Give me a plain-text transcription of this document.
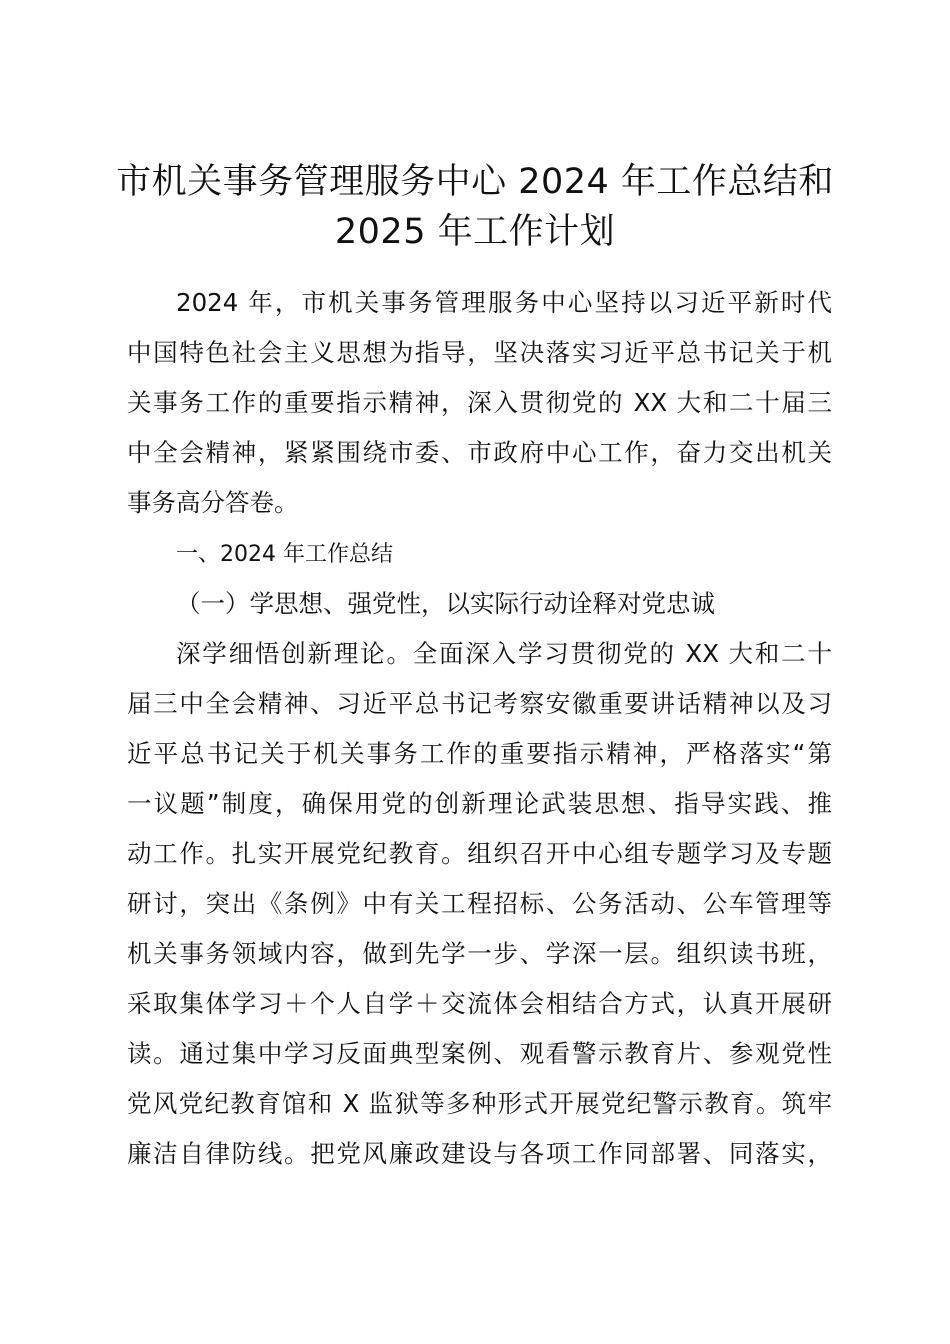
市机关事务管理服务中心 2024 年工作总结和
2025 年工作计划
2024 年，市机关事务管理服务中心坚持以习近平新时代
中国特色社会主义思想为指导，坚决落实习近平总书记关于机
关事务工作的重要指示精神，深入贯彻党的 XX 大和二十届三
中全会精神，紧紧围绕市委、市政府中心工作，奋力交出机关
事务高分答卷。
一、2024 年工作总结
（一）学思想、强党性，以实际行动诠释对党忠诚
深学细悟创新理论。全面深入学习贯彻党的 XX 大和二十
届三中全会精神、习近平总书记考察安徽重要讲话精神以及习
近平总书记关于机关事务工作的重要指示精神，严格落实“第
一议题”制度，确保用党的创新理论武装思想、指导实践、推
动工作。扎实开展党纪教育。组织召开中心组专题学习及专题
研讨，突出《条例》中有关工程招标、公务活动、公车管理等
机关事务领域内容，做到先学一步、学深一层。组织读书班，
采取集体学习＋个人自学＋交流体会相结合方式，认真开展研
读。通过集中学习反面典型案例、观看警示教育片、参观党性
党风党纪教育馆和 X 监狱等多种形式开展党纪警示教育。筑牢
廉洁自律防线。把党风廉政建设与各项工作同部署、同落实，
